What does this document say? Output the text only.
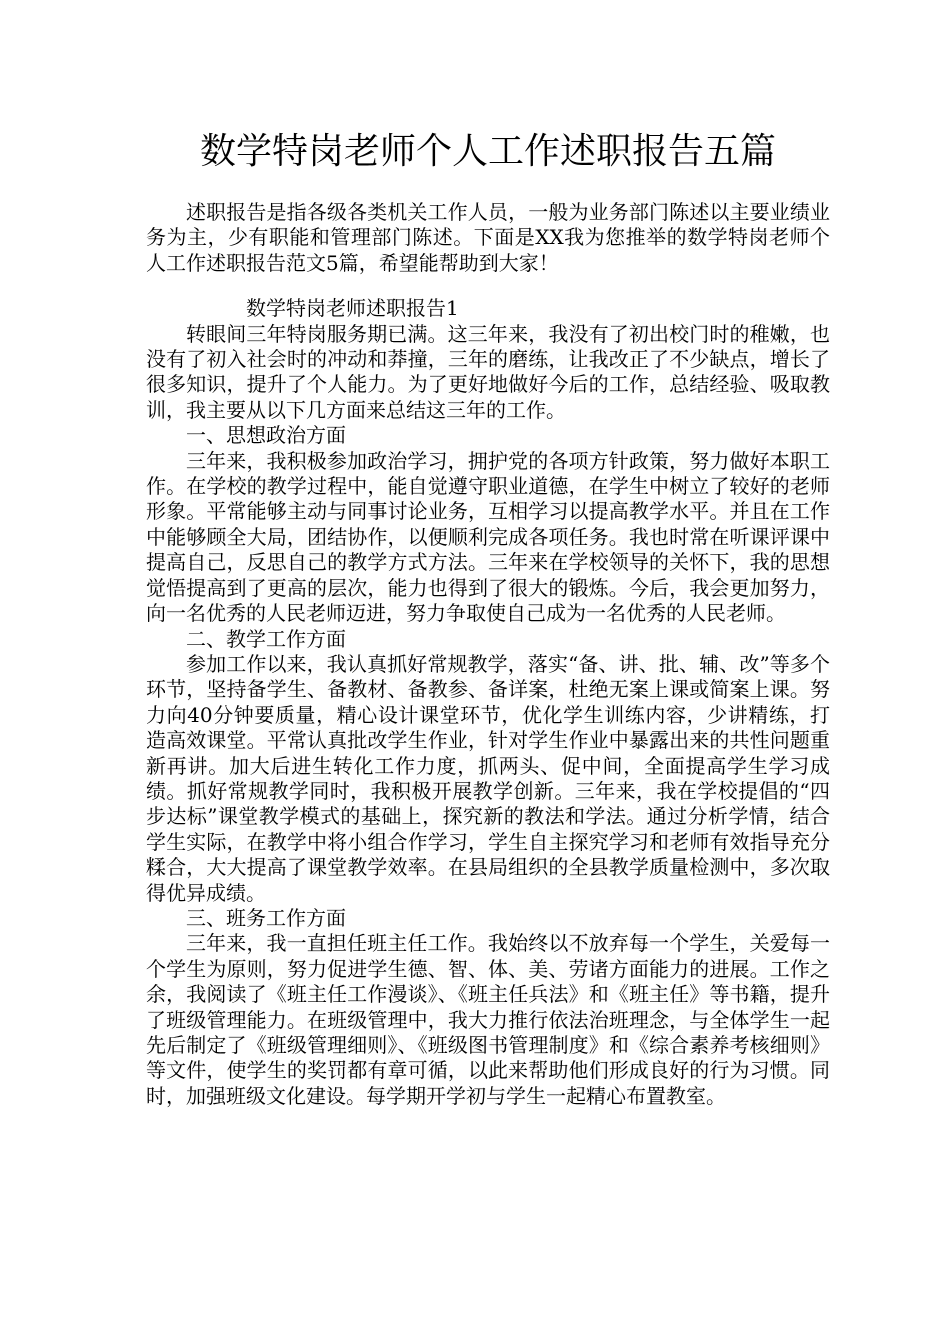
数学特岗老师个人工作述职报告五篇

述职报告是指各级各类机关工作人员，一般为业务部门陈述以主要业绩业务为主，少有职能和管理部门陈述。下面是XX我为您推举的数学特岗老师个人工作述职报告范文5篇，希望能帮助到大家！

数学特岗老师述职报告1

转眼间三年特岗服务期已满。这三年来，我没有了初出校门时的稚嫩，也没有了初入社会时的冲动和莽撞，三年的磨练，让我改正了不少缺点，增长了很多知识，提升了个人能力。为了更好地做好今后的工作，总结经验、吸取教训，我主要从以下几方面来总结这三年的工作。

一、思想政治方面

三年来，我积极参加政治学习，拥护党的各项方针政策，努力做好本职工作。在学校的教学过程中，能自觉遵守职业道德，在学生中树立了较好的老师形象。平常能够主动与同事讨论业务，互相学习以提高教学水平。并且在工作中能够顾全大局，团结协作，以便顺利完成各项任务。我也时常在听课评课中提高自己，反思自己的教学方式方法。三年来在学校领导的关怀下，我的思想觉悟提高到了更高的层次，能力也得到了很大的锻炼。今后，我会更加努力，向一名优秀的人民老师迈进，努力争取使自己成为一名优秀的人民老师。

二、教学工作方面

参加工作以来，我认真抓好常规教学，落实“备、讲、批、辅、改”等多个环节，坚持备学生、备教材、备教参、备详案，杜绝无案上课或简案上课。努力向40分钟要质量，精心设计课堂环节，优化学生训练内容，少讲精练，打造高效课堂。平常认真批改学生作业，针对学生作业中暴露出来的共性问题重新再讲。加大后进生转化工作力度，抓两头、促中间，全面提高学生学习成绩。抓好常规教学同时，我积极开展教学创新。三年来，我在学校提倡的“四步达标”课堂教学模式的基础上，探究新的教法和学法。通过分析学情，结合学生实际，在教学中将小组合作学习，学生自主探究学习和老师有效指导充分糅合，大大提高了课堂教学效率。在县局组织的全县教学质量检测中，多次取得优异成绩。

三、班务工作方面

三年来，我一直担任班主任工作。我始终以不放弃每一个学生，关爱每一个学生为原则，努力促进学生德、智、体、美、劳诸方面能力的进展。工作之余，我阅读了《班主任工作漫谈》、《班主任兵法》和《班主任》等书籍，提升了班级管理能力。在班级管理中，我大力推行依法治班理念，与全体学生一起先后制定了《班级管理细则》、《班级图书管理制度》和《综合素养考核细则》等文件，使学生的奖罚都有章可循，以此来帮助他们形成良好的行为习惯。同时，加强班级文化建设。每学期开学初与学生一起精心布置教室。
